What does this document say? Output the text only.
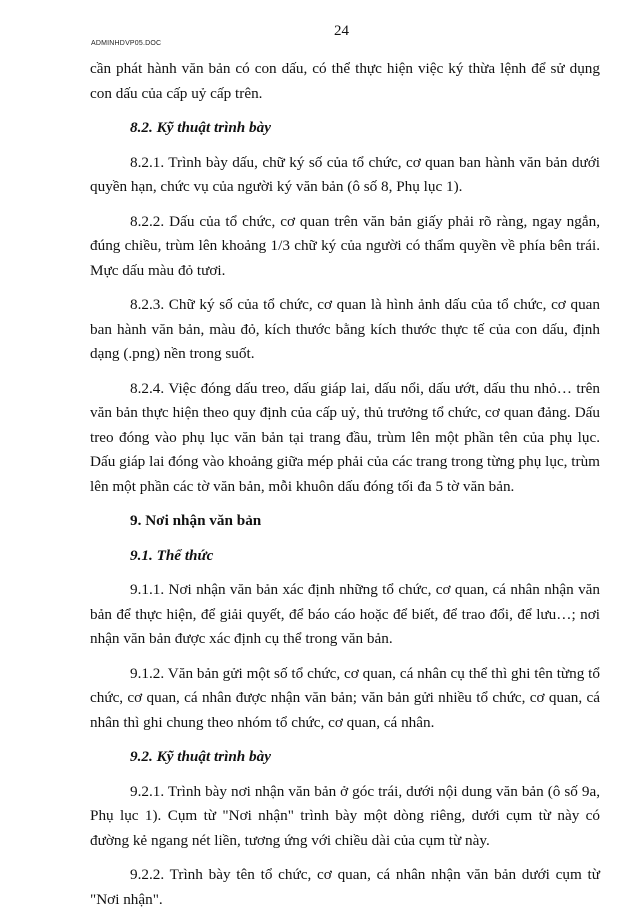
ADMINHDVP05.DOC
24

cần phát hành văn bản có con dấu, có thể thực hiện việc ký thừa lệnh để sử dụng con dấu của cấp uỷ cấp trên.

8.2. Kỹ thuật trình bày

8.2.1. Trình bày dấu, chữ ký số của tổ chức, cơ quan ban hành văn bản dưới quyền hạn, chức vụ của người ký văn bản (ô số 8, Phụ lục 1).

8.2.2. Dấu của tổ chức, cơ quan trên văn bản giấy phải rõ ràng, ngay ngắn, đúng chiều, trùm lên khoảng 1/3 chữ ký của người có thẩm quyền về phía bên trái. Mực dấu màu đỏ tươi.

8.2.3. Chữ ký số của tổ chức, cơ quan là hình ảnh dấu của tổ chức, cơ quan ban hành văn bản, màu đỏ, kích thước bằng kích thước thực tế của con dấu, định dạng (.png) nền trong suốt.

8.2.4. Việc đóng dấu treo, dấu giáp lai, dấu nổi, dấu ướt, dấu thu nhỏ… trên văn bản thực hiện theo quy định của cấp uỷ, thủ trưởng tổ chức, cơ quan đảng. Dấu treo đóng vào phụ lục văn bản tại trang đầu, trùm lên một phần tên của phụ lục. Dấu giáp lai đóng vào khoảng giữa mép phải của các trang trong từng phụ lục, trùm lên một phần các tờ văn bản, mỗi khuôn dấu đóng tối đa 5 tờ văn bản.

9. Nơi nhận văn bản

9.1. Thể thức

9.1.1. Nơi nhận văn bản xác định những tổ chức, cơ quan, cá nhân nhận văn bản để thực hiện, để giải quyết, để báo cáo hoặc để biết, để trao đổi, để lưu…; nơi nhận văn bản được xác định cụ thể trong văn bản.

9.1.2. Văn bản gửi một số tổ chức, cơ quan, cá nhân cụ thể thì ghi tên từng tổ chức, cơ quan, cá nhân được nhận văn bản; văn bản gửi nhiều tổ chức, cơ quan, cá nhân thì ghi chung theo nhóm tổ chức, cơ quan, cá nhân.

9.2. Kỹ thuật trình bày

9.2.1. Trình bày nơi nhận văn bản ở góc trái, dưới nội dung văn bản (ô số 9a, Phụ lục 1). Cụm từ "Nơi nhận" trình bày một dòng riêng, dưới cụm từ này có đường kẻ ngang nét liền, tương ứng với chiều dài của cụm từ này.

9.2.2. Trình bày tên tổ chức, cơ quan, cá nhân nhận văn bản dưới cụm từ "Nơi nhận".
